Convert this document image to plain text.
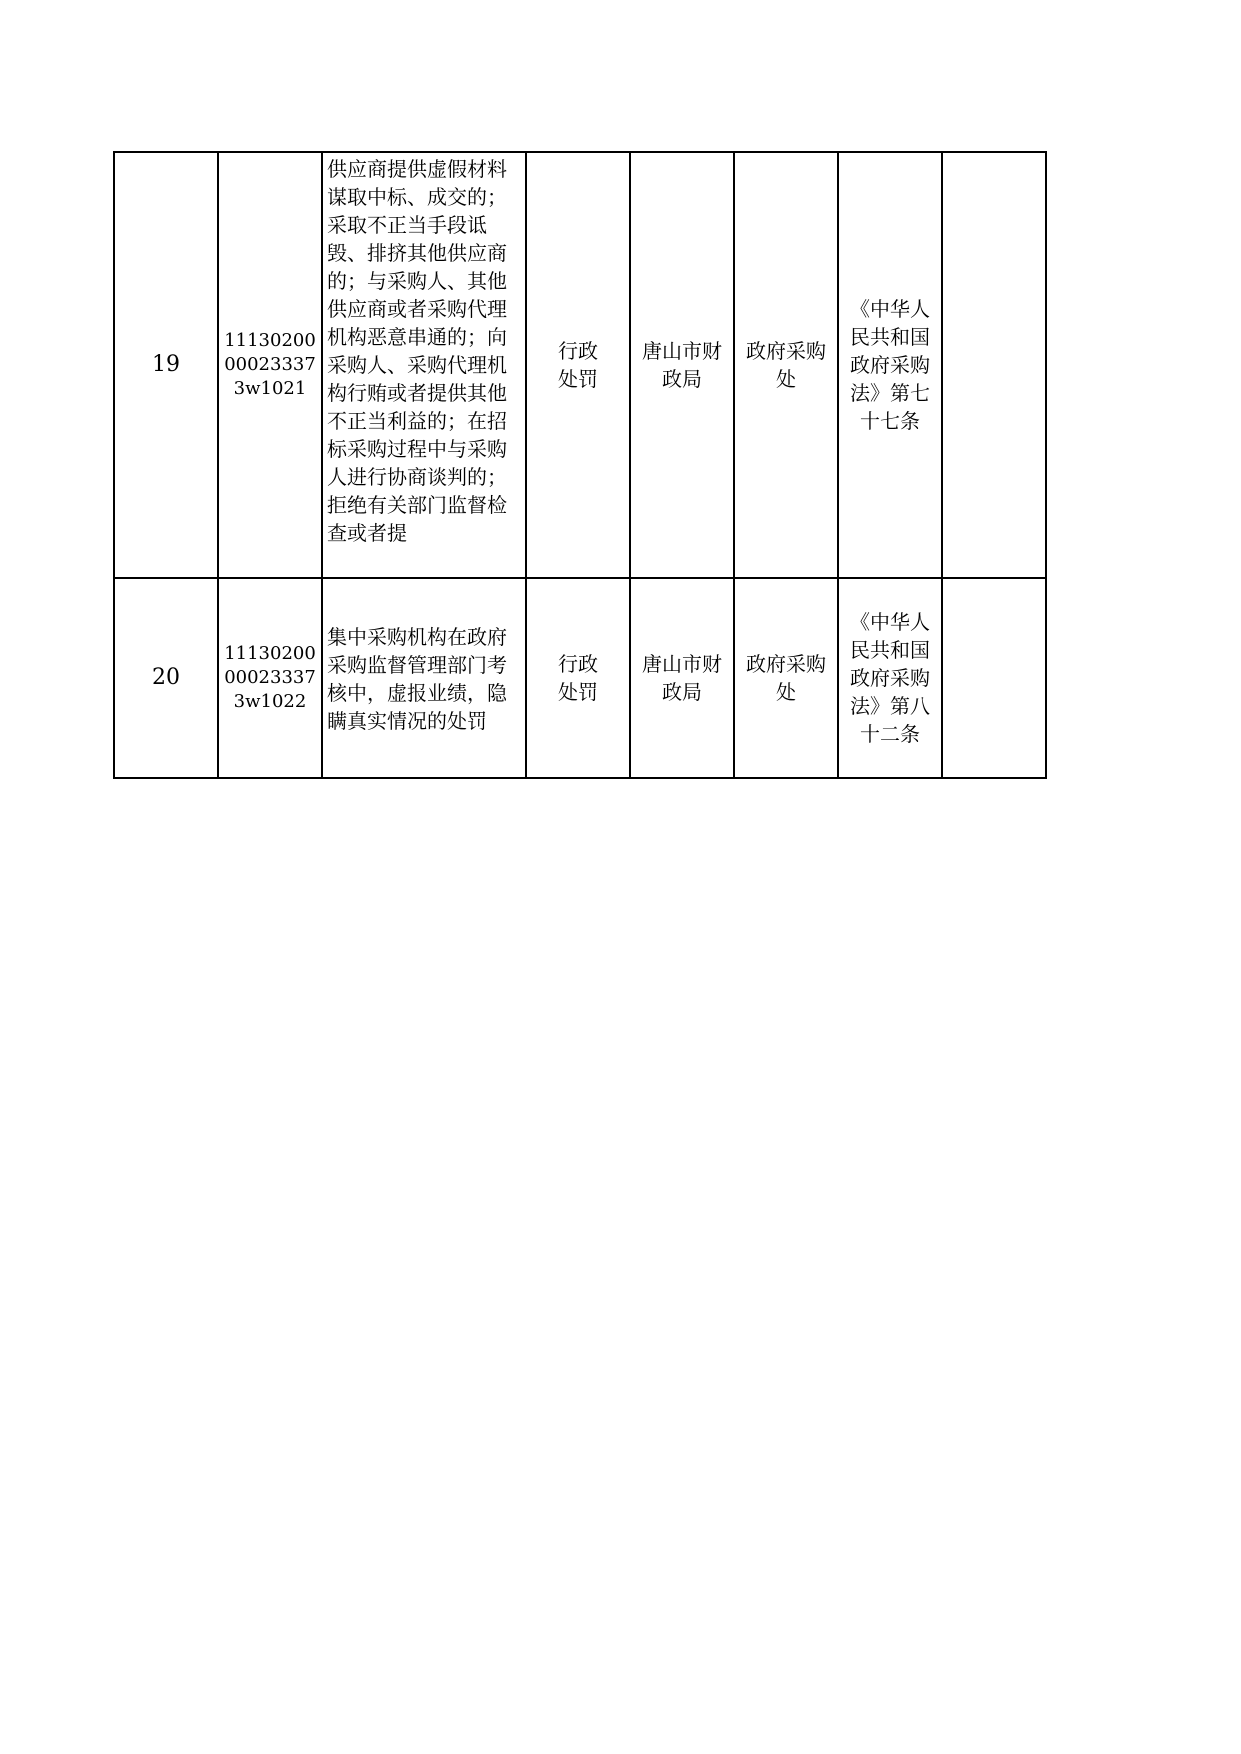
19	11130200
00023337
3w1021	供应商提供虚假材料谋取中标、成交的；采取不正当手段诋毁、排挤其他供应商的；与采购人、其他供应商或者采购代理机构恶意串通的；向采购人、采购代理机构行贿或者提供其他不正当利益的；在招标采购过程中与采购人进行协商谈判的；拒绝有关部门监督检查或者提	行政处罚	唐山市财政局	政府采购处	《中华人民共和国政府采购法》第七十七条	
20	11130200
00023337
3w1022	集中采购机构在政府采购监督管理部门考核中，虚报业绩，隐瞒真实情况的处罚	行政处罚	唐山市财政局	政府采购处	《中华人民共和国政府采购法》第八十二条	
